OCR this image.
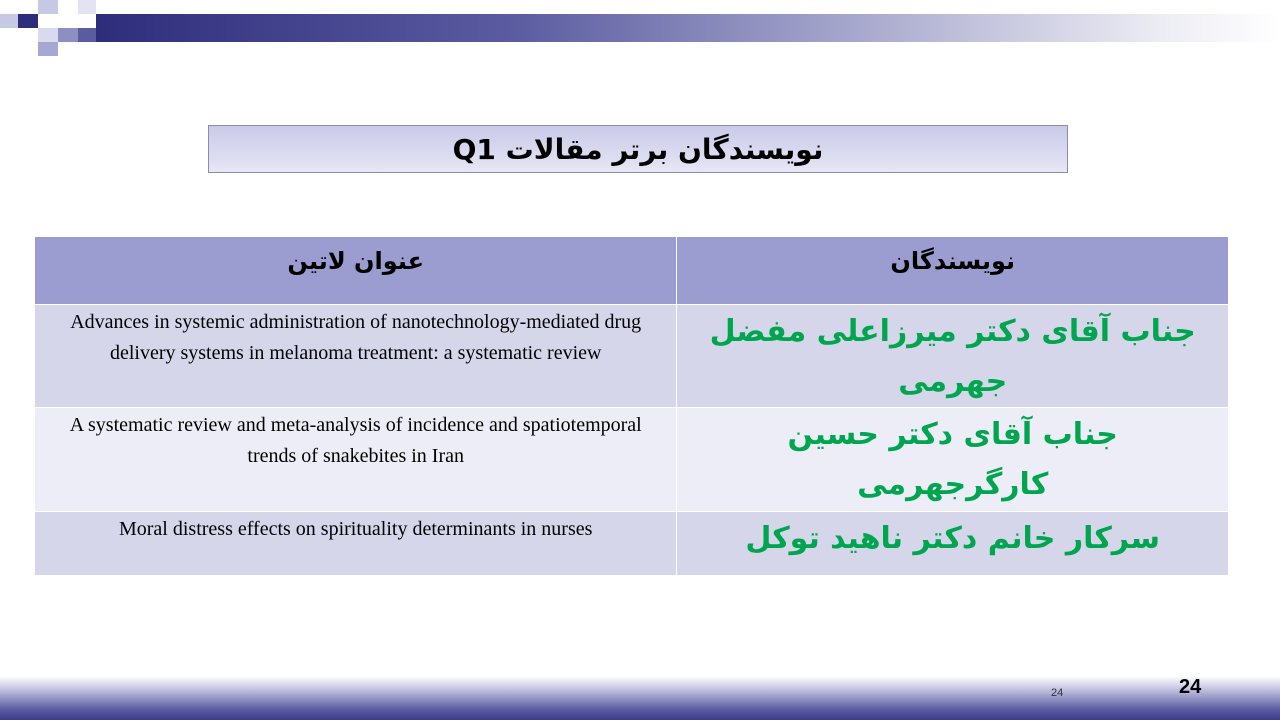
نویسندگان برتر مقالات Q1
عنوان لاتین	نویسندگان
Advances in systemic administration of nanotechnology-mediated drug delivery systems in melanoma treatment: a systematic review	جناب آقای دکتر میرزاعلی مفضل جهرمی
A systematic review and meta-analysis of incidence and spatiotemporal trends of snakebites in Iran	جناب آقای دکتر حسین کارگرجهرمی
Moral distress effects on spirituality determinants in nurses	سرکار خانم دکتر ناهید توکل
24	24
